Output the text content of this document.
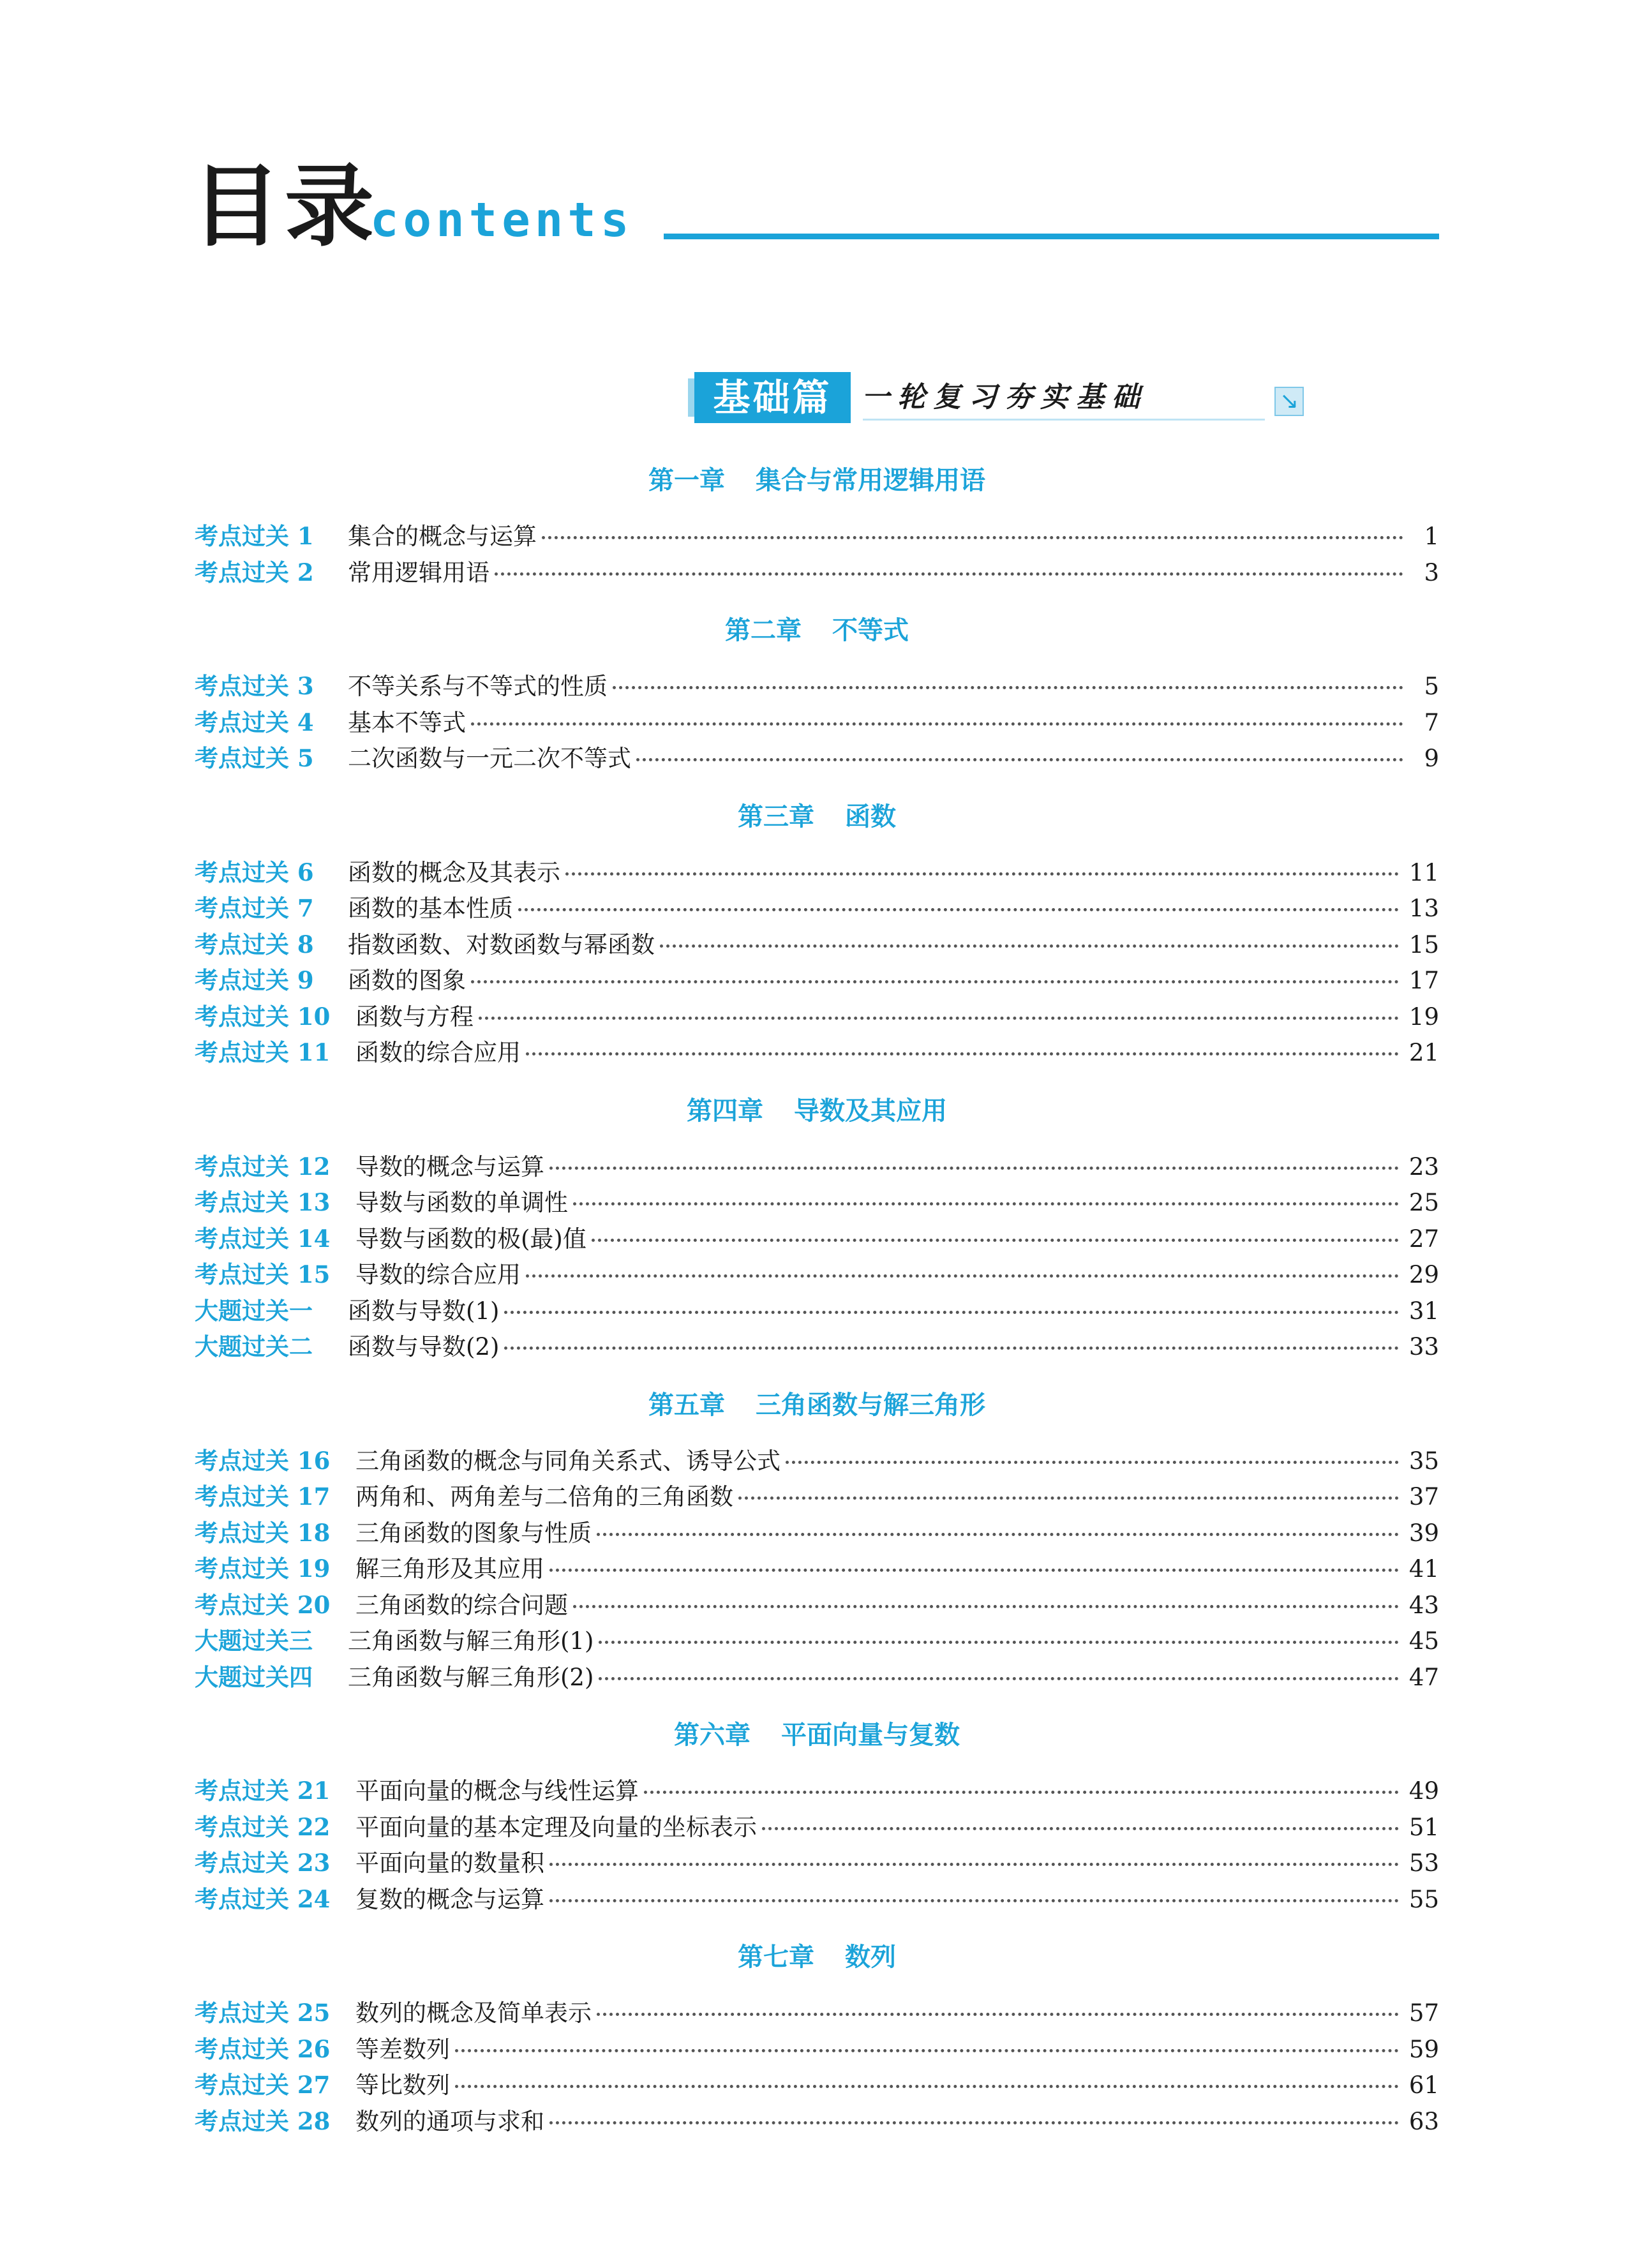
目录
contents
基础篇	一轮复习夯实基础	↘
第一章 集合与常用逻辑用语
考点过关 1	集合的概念与运算	1
考点过关 2	常用逻辑用语	3
第二章 不等式
考点过关 3	不等关系与不等式的性质	5
考点过关 4	基本不等式	7
考点过关 5	二次函数与一元二次不等式	9
第三章 函数
考点过关 6	函数的概念及其表示	11
考点过关 7	函数的基本性质	13
考点过关 8	指数函数、对数函数与幂函数	15
考点过关 9	函数的图象	17
考点过关 10	函数与方程	19
考点过关 11	函数的综合应用	21
第四章 导数及其应用
考点过关 12	导数的概念与运算	23
考点过关 13	导数与函数的单调性	25
考点过关 14	导数与函数的极(最)值	27
考点过关 15	导数的综合应用	29
大题过关一	函数与导数(1)	31
大题过关二	函数与导数(2)	33
第五章 三角函数与解三角形
考点过关 16	三角函数的概念与同角关系式、诱导公式	35
考点过关 17	两角和、两角差与二倍角的三角函数	37
考点过关 18	三角函数的图象与性质	39
考点过关 19	解三角形及其应用	41
考点过关 20	三角函数的综合问题	43
大题过关三	三角函数与解三角形(1)	45
大题过关四	三角函数与解三角形(2)	47
第六章 平面向量与复数
考点过关 21	平面向量的概念与线性运算	49
考点过关 22	平面向量的基本定理及向量的坐标表示	51
考点过关 23	平面向量的数量积	53
考点过关 24	复数的概念与运算	55
第七章 数列
考点过关 25	数列的概念及简单表示	57
考点过关 26	等差数列	59
考点过关 27	等比数列	61
考点过关 28	数列的通项与求和	63
